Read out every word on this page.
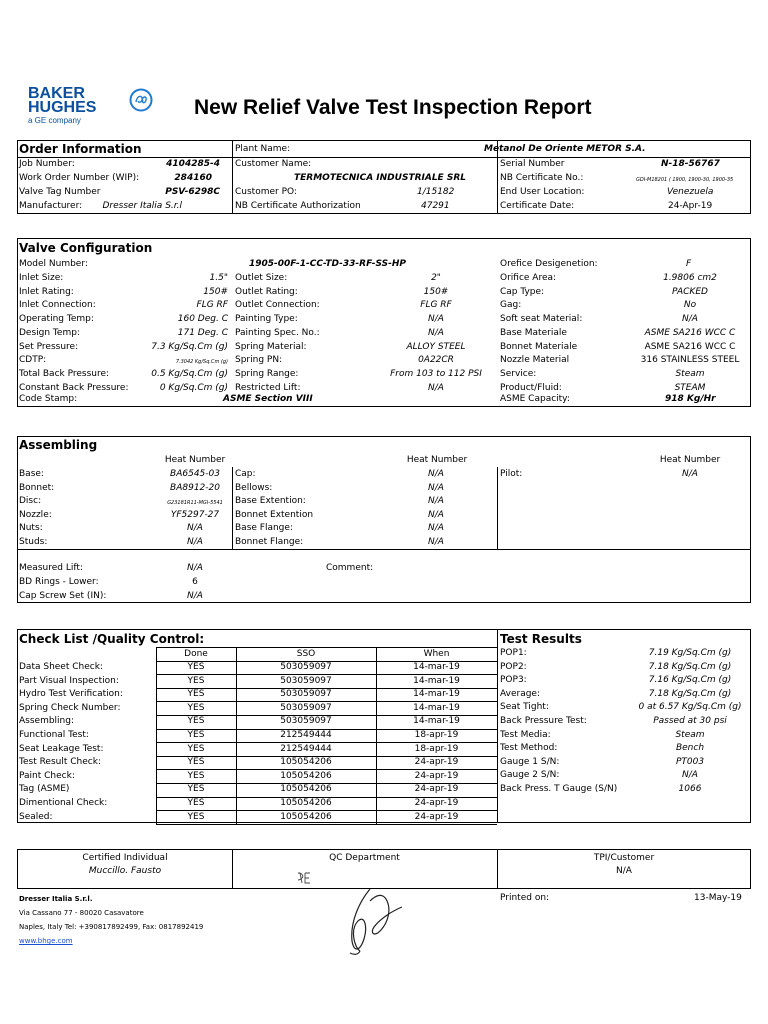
BAKER
HUGHES
a GE company
New Relief Valve Test Inspection Report
Order Information
Job Number:	4104285-4
Work Order Number (WIP):	284160
Valve Tag Number	PSV-6298C
Manufacturer:	Dresser Italia S.r.l
Plant Name:	Metanol De Oriente METOR S.A.
Customer Name:
TERMOTECNICA INDUSTRIALE SRL
Customer PO:	1/15182
NB Certificate Authorization	47291
Serial Number	N-18-56767
NB Certificate No.:	GDI-M18201 ( 1900, 1900-30, 1900-35
End User Location:	Venezuela
Certificate Date:	24-Apr-19
Valve Configuration
Model Number:	1905-00F-1-CC-TD-33-RF-SS-HP	Orefice Desigenetion:	F
Inlet Size:	1.5" Outlet Size:	2"	Orifice Area:	1.9806 cm2
Inlet Rating:	150# Outlet Rating:	150#	Cap Type:	PACKED
Inlet Connection:	FLG RF Outlet Connection:	FLG RF	Gag:	No
Operating Temp:	160 Deg. C Painting Type:	N/A	Soft seat Material:	N/A
Design Temp:	171 Deg. C Painting Spec. No.:	N/A	Base Materiale	ASME SA216 WCC C
Set Pressure:	7.3 Kg/Sq.Cm (g) Spring Material:	ALLOY STEEL	Bonnet Materiale	ASME SA216 WCC C
CDTP:	7.3042 Kg/Sq.Cm (g) Spring PN:	0A22CR	Nozzle Material	316 STAINLESS STEEL
Total Back Pressure:	0.5 Kg/Sq.Cm (g) Spring Range:	From 103 to 112 PSI	Service:	Steam
Constant Back Pressure:	0 Kg/Sq.Cm (g) Restricted Lift:	N/A	Product/Fluid:	STEAM
Code Stamp:	ASME Section VIII	ASME Capacity:	918 Kg/Hr
Assembling
Heat Number	Heat Number	Heat Number
Base:	BA6545-03
Bonnet:	BA8912-20
Disc:	G23181R11-MGI-5541
Nozzle:	YF5297-27
Nuts:	N/A
Studs:	N/A
Cap:	N/A
Bellows:	N/A
Base Extention:	N/A
Bonnet Extention	N/A
Base Flange:	N/A
Bonnet Flange:	N/A
Pilot:	N/A
Measured Lift:	N/A
BD Rings - Lower:	6
Cap Screw Set (IN):	N/A
Comment:
Check List /Quality Control:	Test Results
Done	SSO	When
Data Sheet Check:	YES	503059097	14-mar-19
Part Visual Inspection:	YES	503059097	14-mar-19
Hydro Test Verification:	YES	503059097	14-mar-19
Spring Check Number:	YES	503059097	14-mar-19
Assembling:	YES	503059097	14-mar-19
Functional Test:	YES	212549444	18-apr-19
Seat Leakage Test:	YES	212549444	18-apr-19
Test Result Check:	YES	105054206	24-apr-19
Paint Check:	YES	105054206	24-apr-19
Tag (ASME)	YES	105054206	24-apr-19
Dimentional Check:	YES	105054206	24-apr-19
Sealed:	YES	105054206	24-apr-19
POP1:	7.19 Kg/Sq.Cm (g)
POP2:	7.18 Kg/Sq.Cm (g)
POP3:	7.16 Kg/Sq.Cm (g)
Average:	7.18 Kg/Sq.Cm (g)
Seat Tight:	0 at 6.57 Kg/Sq.Cm (g)
Back Pressure Test:	Passed at 30 psi
Test Media:	Steam
Test Method:	Bench
Gauge 1 S/N:	PT003
Gauge 2 S/N:	N/A
Back Press. T Gauge (S/N)	1066
Certified Individual
Muccillo. Fausto
QC Department	TPI/Customer
N/A
Printed on:	13-May-19
Dresser Italia S.r.l.
Via Cassano 77 - 80020 Casavatore
Naples, Italy Tel: +390817892499, Fax: 0817892419
www.bhge.com
